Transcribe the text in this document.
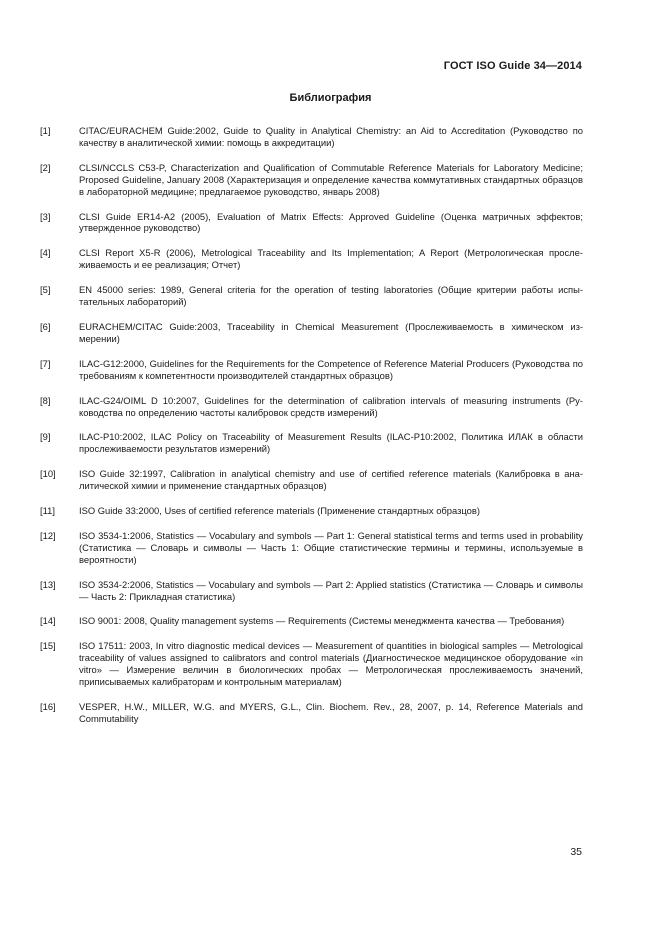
ГОСТ ISO Guide 34—2014
Библиография
[1]	CITAC/EURACHEM Guide:2002, Guide to Quality in Analytical Chemistry: an Aid to Accreditation (Руководство по качеству в аналитической химии: помощь в аккредитации)
[2]	CLSI/NCCLS C53-P, Characterization and Qualification of Commutable Reference Materials for Laboratory Medicine; Proposed Guideline, January 2008 (Характеризация и определение качества коммутативных стандартных образцов в лабораторной медицине; предлагаемое руководство, январь 2008)
[3]	CLSI Guide ER14-A2 (2005), Evaluation of Matrix Effects: Approved Guideline (Оценка матричных эффектов; утвержденное руководство)
[4]	CLSI Report X5-R (2006), Metrological Traceability and Its Implementation; A Report (Метрологическая прослеживаемость и ее реализация; Отчет)
[5]	EN 45000 series: 1989, General criteria for the operation of testing laboratories (Общие критерии работы испытательных лабораторий)
[6]	EURACHEM/CITAC Guide:2003, Traceability in Chemical Measurement (Прослеживаемость в химическом измерении)
[7]	ILAC-G12:2000, Guidelines for the Requirements for the Competence of Reference Material Producers (Руководства по требованиям к компетентности производителей стандартных образцов)
[8]	ILAC-G24/OIML D 10:2007, Guidelines for the determination of calibration intervals of measuring instruments (Руководства по определению частоты калибровок средств измерений)
[9]	ILAC-P10:2002, ILAC Policy on Traceability of Measurement Results (ILAC-P10:2002, Политика ИЛАК в области прослеживаемости результатов измерений)
[10]	ISO Guide 32:1997, Calibration in analytical chemistry and use of certified reference materials (Калибровка в аналитической химии и применение стандартных образцов)
[11]	ISO Guide 33:2000, Uses of certified reference materials (Применение стандартных образцов)
[12]	ISO 3534-1:2006, Statistics — Vocabulary and symbols — Part 1: General statistical terms and terms used in probability (Статистика — Словарь и символы — Часть 1: Общие статистические термины и термины, используемые в вероятности)
[13]	ISO 3534-2:2006, Statistics — Vocabulary and symbols — Part 2: Applied statistics (Статистика — Словарь и символы — Часть 2: Прикладная статистика)
[14]	ISO 9001: 2008, Quality management systems — Requirements (Системы менеджмента качества — Требования)
[15]	ISO 17511: 2003, In vitro diagnostic medical devices — Measurement of quantities in biological samples — Metrological traceability of values assigned to calibrators and control materials (Диагностическое медицинское оборудование «in vitro» — Измерение величин в биологических пробах — Метрологическая прослеживаемость значений, приписываемых калибраторам и контрольным материалам)
[16]	VESPER, H.W., MILLER, W.G. and MYERS, G.L., Clin. Biochem. Rev., 28, 2007, p. 14, Reference Materials and Commutability
35
